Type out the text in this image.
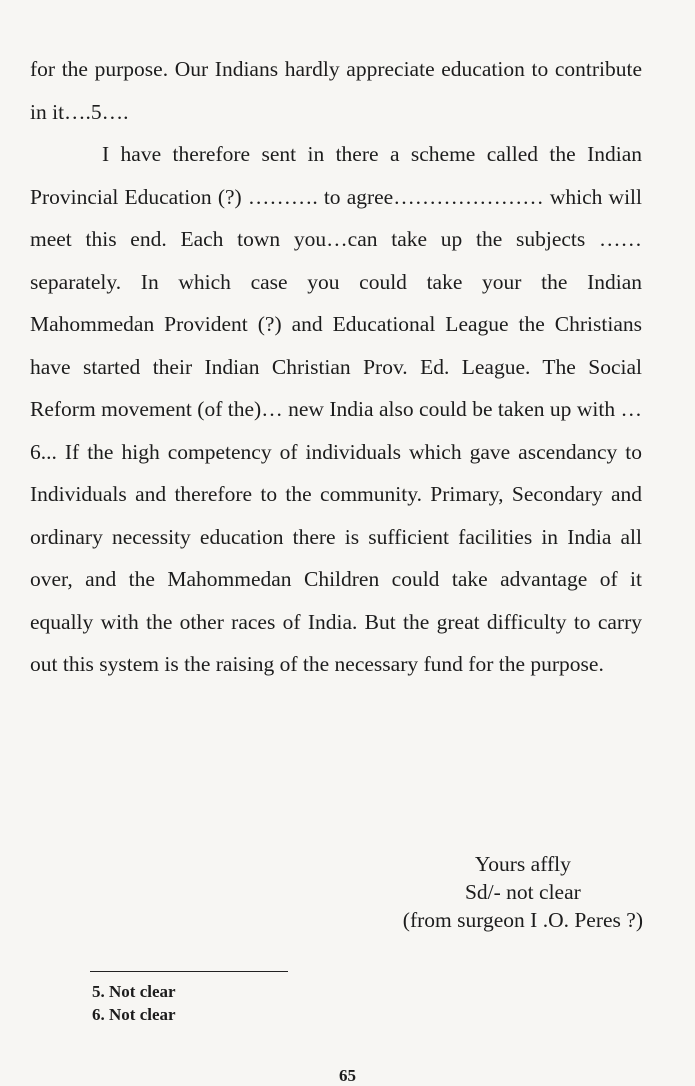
for the purpose. Our Indians hardly appreciate education to contribute in it….5….

I have therefore sent in there a scheme called the Indian Provincial Education (?) ………. to agree………………… which will meet this end. Each town you…can take up the subjects …… separately. In which case you could take your the Indian Mahommedan Provident (?) and Educational League the Christians have started their Indian Christian Prov. Ed. League. The Social Reform movement (of the)… new India also could be taken up with …6... If the high competency of individuals which gave ascendancy to Individuals and therefore to the community. Primary, Secondary and ordinary necessity education there is sufficient facilities in India all over, and the Mahommedan Children could take advantage of it equally with the other races of India. But the great difficulty to carry out this system is the raising of the necessary fund for the purpose.

Yours affly
Sd/- not clear
(from surgeon I .O. Peres ?)
5. Not clear
6. Not clear
65
